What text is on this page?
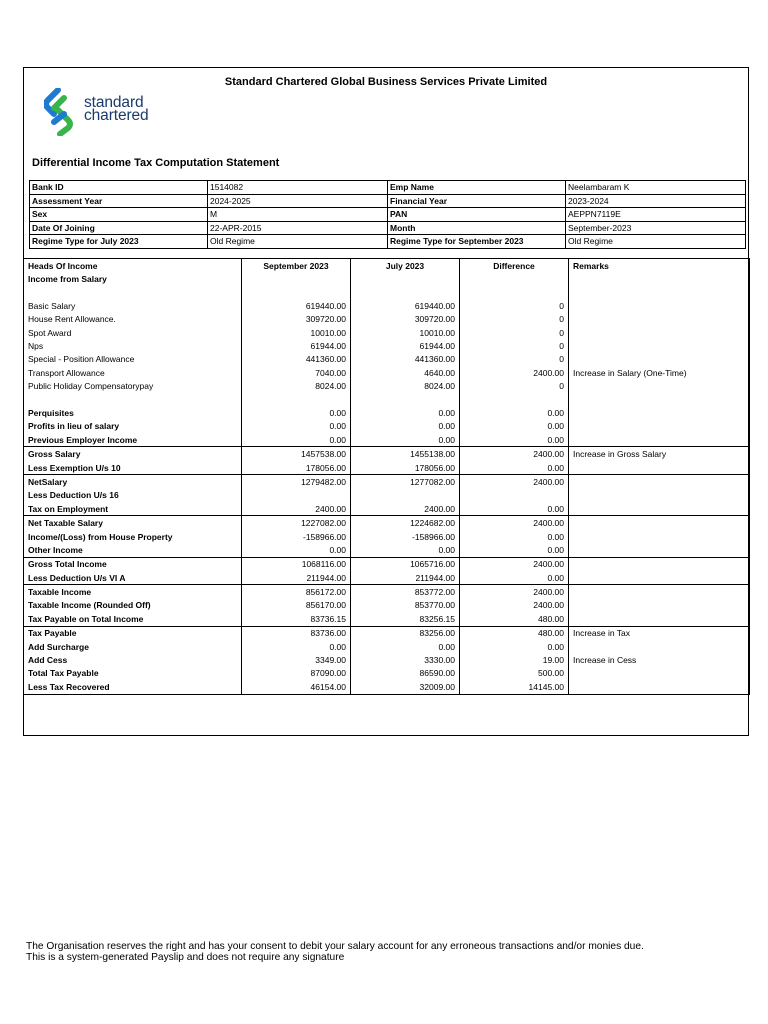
Standard Chartered Global Business Services Private Limited
standard
chartered
Differential Income Tax Computation Statement
Bank ID	1514082	Emp Name	Neelambaram K
Assessment Year	2024-2025	Financial Year	2023-2024
Sex	M	PAN	AEPPN7119E
Date Of Joining	22-APR-2015	Month	September-2023
Regime Type for July 2023	Old Regime	Regime Type for September 2023	Old Regime
Heads Of Income	September 2023	July 2023	Difference	Remarks
Income from Salary				

Basic Salary	619440.00	619440.00	0	
House Rent Allowance.	309720.00	309720.00	0	
Spot Award	10010.00	10010.00	0	
Nps	61944.00	61944.00	0	
Special - Position Allowance	441360.00	441360.00	0	
Transport Allowance	7040.00	4640.00	2400.00	Increase in Salary (One-Time)
Public Holiday Compensatorypay	8024.00	8024.00	0	

Perquisites	0.00	0.00	0.00	
Profits in lieu of salary	0.00	0.00	0.00	
Previous Employer Income	0.00	0.00	0.00	
Gross Salary	1457538.00	1455138.00	2400.00	Increase in Gross Salary
Less Exemption U/s 10	178056.00	178056.00	0.00	
NetSalary	1279482.00	1277082.00	2400.00	
Less Deduction U/s 16				
Tax on Employment	2400.00	2400.00	0.00	
Net Taxable Salary	1227082.00	1224682.00	2400.00	
Income/(Loss) from House Property	-158966.00	-158966.00	0.00	
Other Income	0.00	0.00	0.00	
Gross Total Income	1068116.00	1065716.00	2400.00	
Less Deduction U/s VI A	211944.00	211944.00	0.00	
Taxable Income	856172.00	853772.00	2400.00	
Taxable Income (Rounded Off)	856170.00	853770.00	2400.00	
Tax Payable on Total Income	83736.15	83256.15	480.00	
Tax Payable	83736.00	83256.00	480.00	Increase in Tax
Add Surcharge	0.00	0.00	0.00	
Add Cess	3349.00	3330.00	19.00	Increase in Cess
Total Tax Payable	87090.00	86590.00	500.00	
Less Tax Recovered	46154.00	32009.00	14145.00	
The Organisation reserves the right and has your consent to debit your salary account for any erroneous transactions and/or monies due.
This is a system-generated Payslip and does not require any signature
